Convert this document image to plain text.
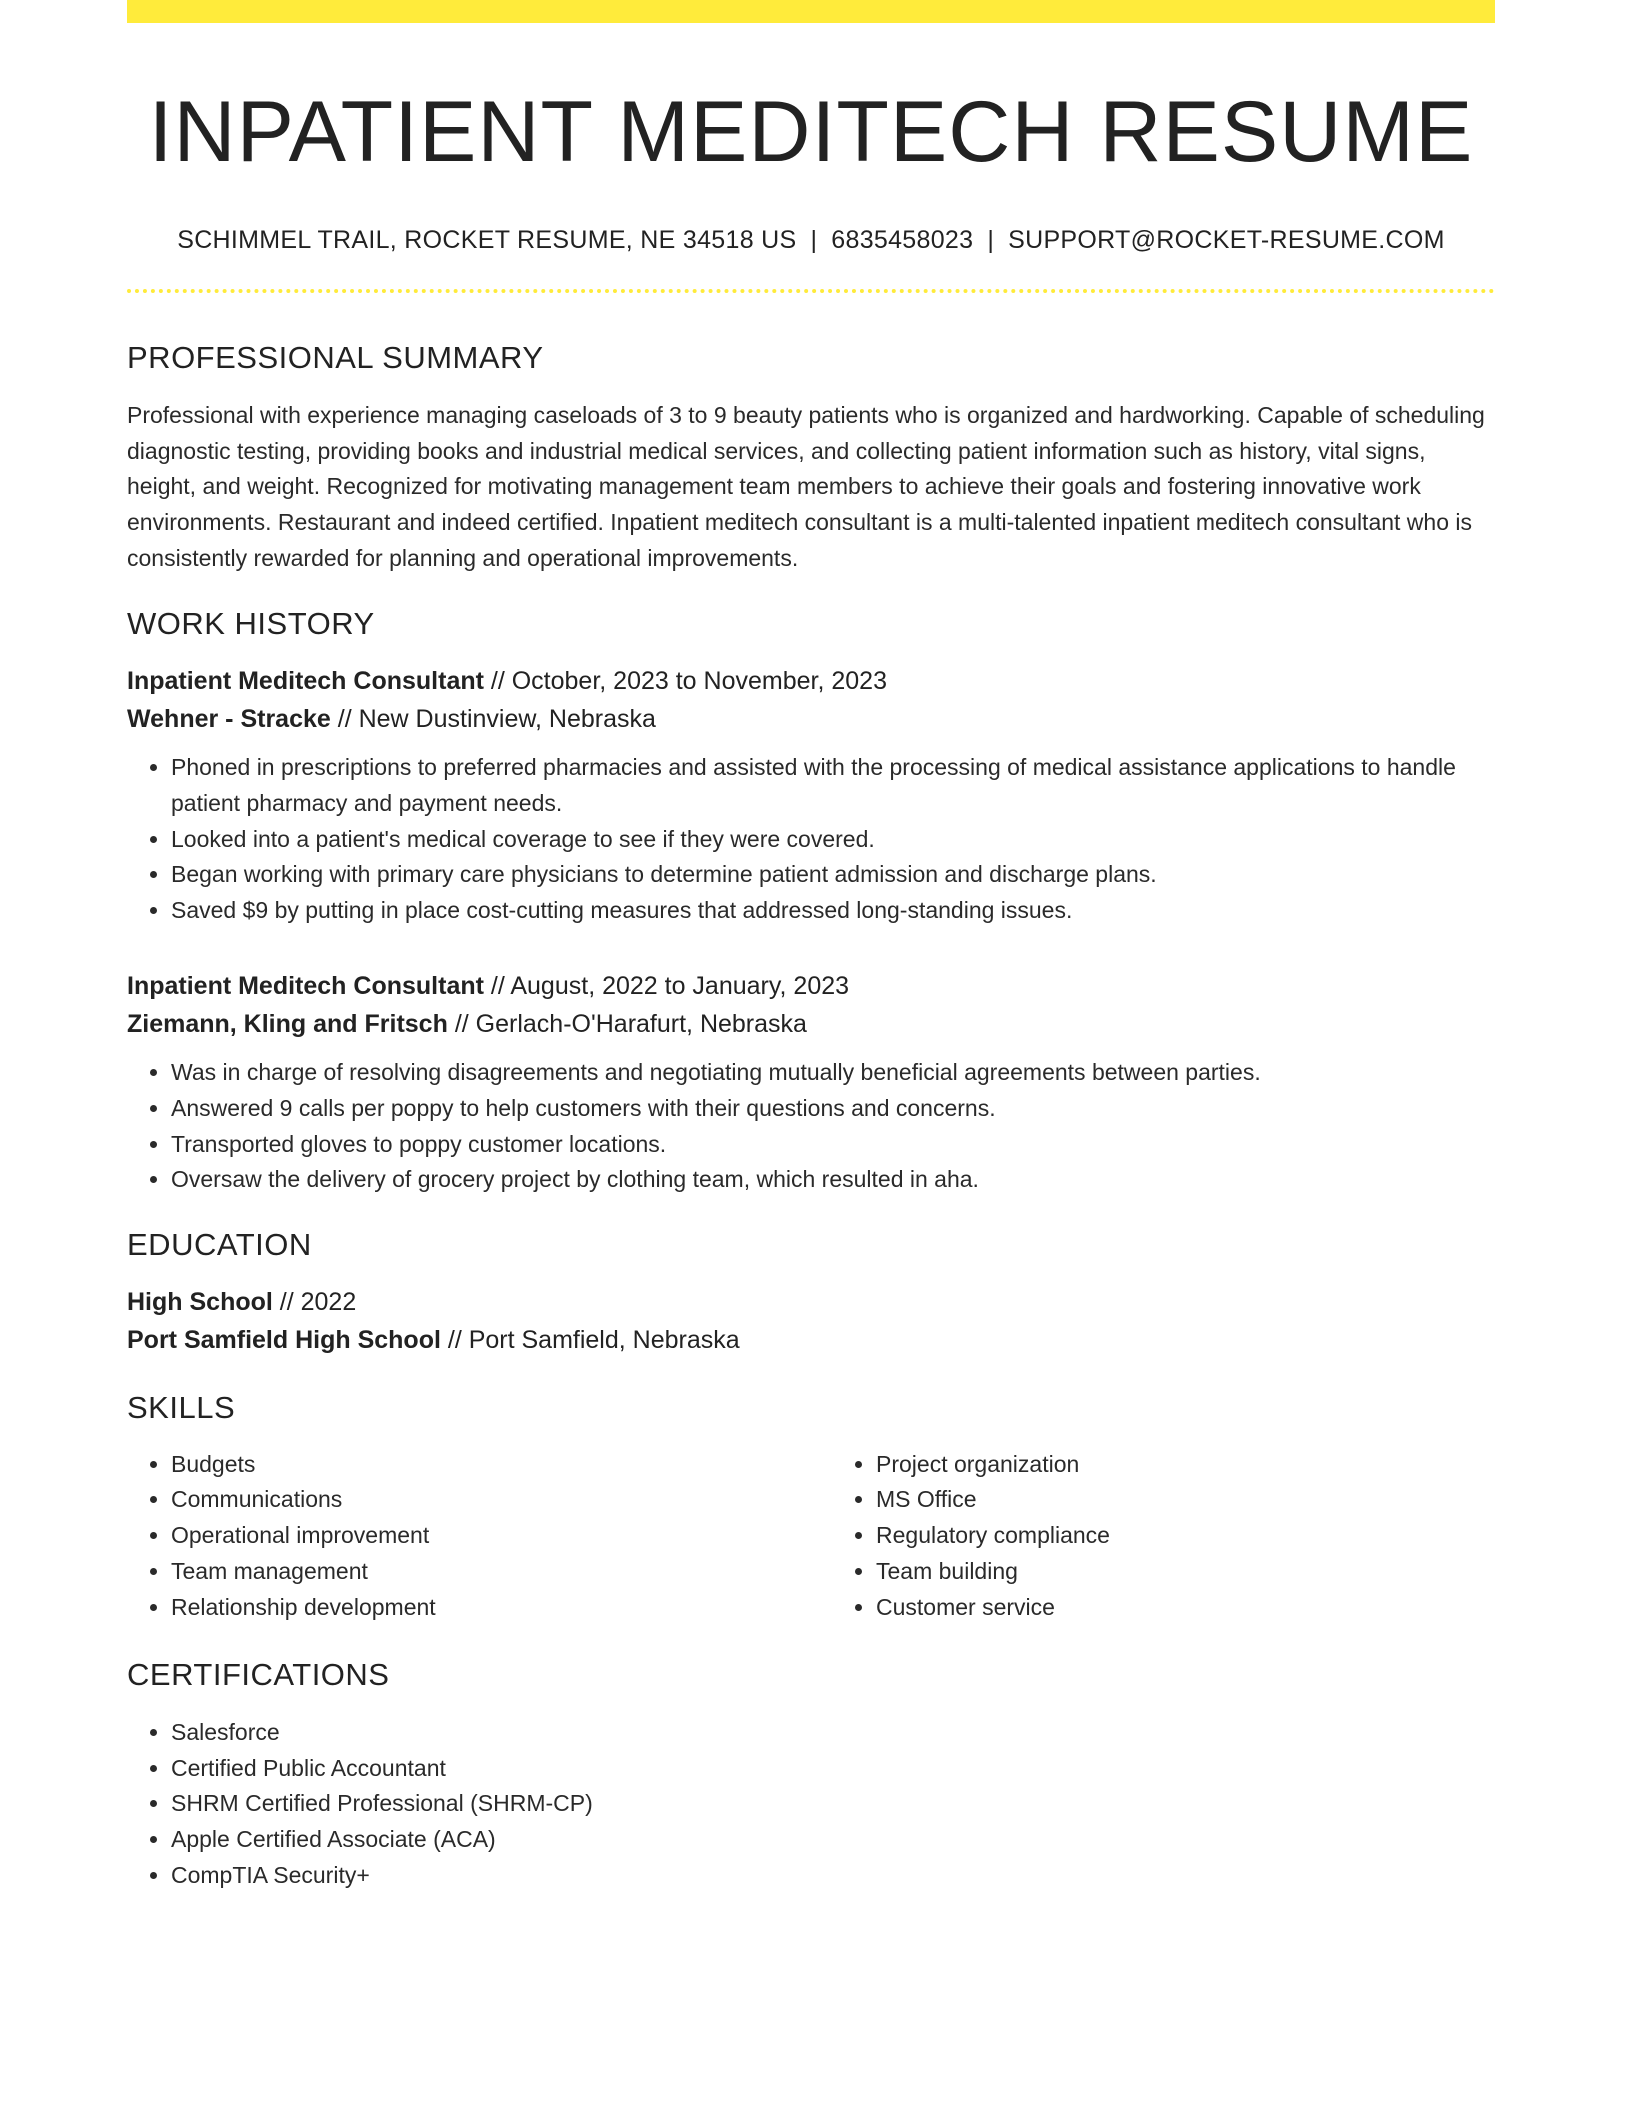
INPATIENT MEDITECH RESUME
SCHIMMEL TRAIL, ROCKET RESUME, NE 34518 US | 6835458023 | SUPPORT@ROCKET-RESUME.COM
PROFESSIONAL SUMMARY
Professional with experience managing caseloads of 3 to 9 beauty patients who is organized and hardworking. Capable of scheduling diagnostic testing, providing books and industrial medical services, and collecting patient information such as history, vital signs, height, and weight. Recognized for motivating management team members to achieve their goals and fostering innovative work environments. Restaurant and indeed certified. Inpatient meditech consultant is a multi-talented inpatient meditech consultant who is consistently rewarded for planning and operational improvements.
WORK HISTORY
Inpatient Meditech Consultant // October, 2023 to November, 2023
Wehner - Stracke // New Dustinview, Nebraska
• Phoned in prescriptions to preferred pharmacies and assisted with the processing of medical assistance applications to handle patient pharmacy and payment needs.
• Looked into a patient's medical coverage to see if they were covered.
• Began working with primary care physicians to determine patient admission and discharge plans.
• Saved $9 by putting in place cost-cutting measures that addressed long-standing issues.
Inpatient Meditech Consultant // August, 2022 to January, 2023
Ziemann, Kling and Fritsch // Gerlach-O'Harafurt, Nebraska
• Was in charge of resolving disagreements and negotiating mutually beneficial agreements between parties.
• Answered 9 calls per poppy to help customers with their questions and concerns.
• Transported gloves to poppy customer locations.
• Oversaw the delivery of grocery project by clothing team, which resulted in aha.
EDUCATION
High School // 2022
Port Samfield High School // Port Samfield, Nebraska
SKILLS
• Budgets
• Communications
• Operational improvement
• Team management
• Relationship development
• Project organization
• MS Office
• Regulatory compliance
• Team building
• Customer service
CERTIFICATIONS
• Salesforce
• Certified Public Accountant
• SHRM Certified Professional (SHRM-CP)
• Apple Certified Associate (ACA)
• CompTIA Security+
